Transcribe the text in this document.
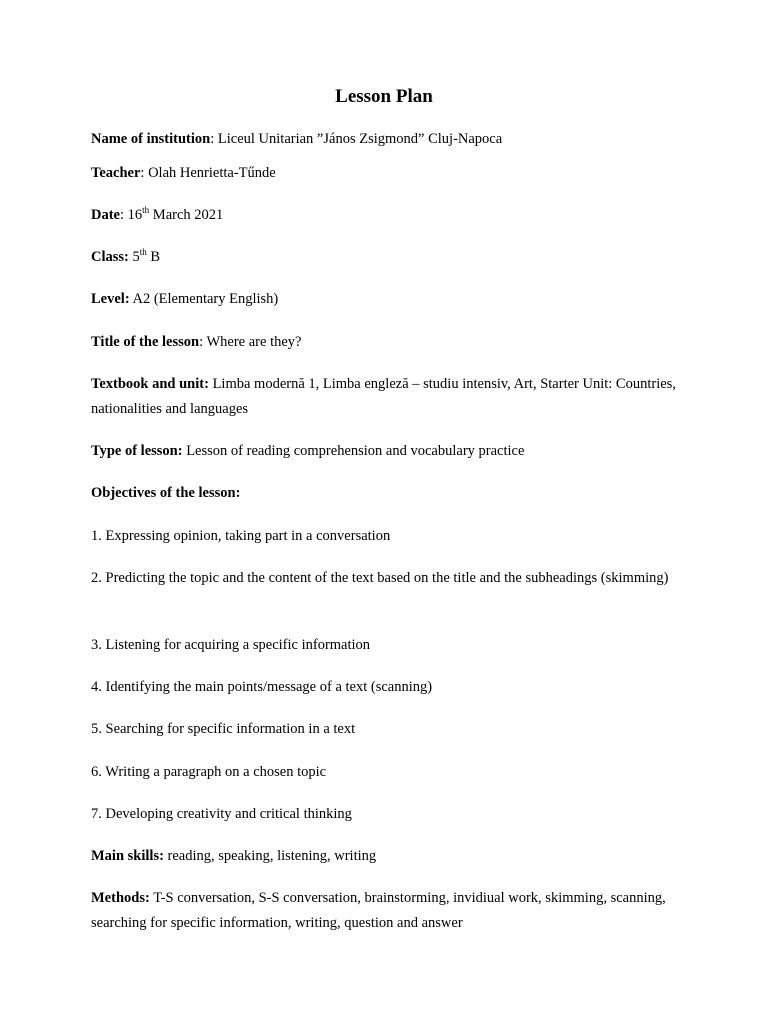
Lesson Plan

Name of institution: Liceul Unitarian ”János Zsigmond” Cluj-Napoca

Teacher: Olah Henrietta-Tűnde

Date: 16th March 2021

Class: 5th B

Level: A2 (Elementary English)

Title of the lesson: Where are they?

Textbook and unit: Limba modernă 1, Limba engleză – studiu intensiv, Art, Starter Unit: Countries, nationalities and languages

Type of lesson: Lesson of reading comprehension and vocabulary practice

Objectives of the lesson:

1. Expressing opinion, taking part in a conversation

2. Predicting the topic and the content of the text based on the title and the subheadings (skimming)

3. Listening for acquiring a specific information

4. Identifying the main points/message of a text (scanning)

5. Searching for specific information in a text

6. Writing a paragraph on a chosen topic

7. Developing creativity and critical thinking

Main skills: reading, speaking, listening, writing

Methods: T-S conversation, S-S conversation, brainstorming, invidiual work, skimming, scanning, searching for specific information, writing, question and answer
